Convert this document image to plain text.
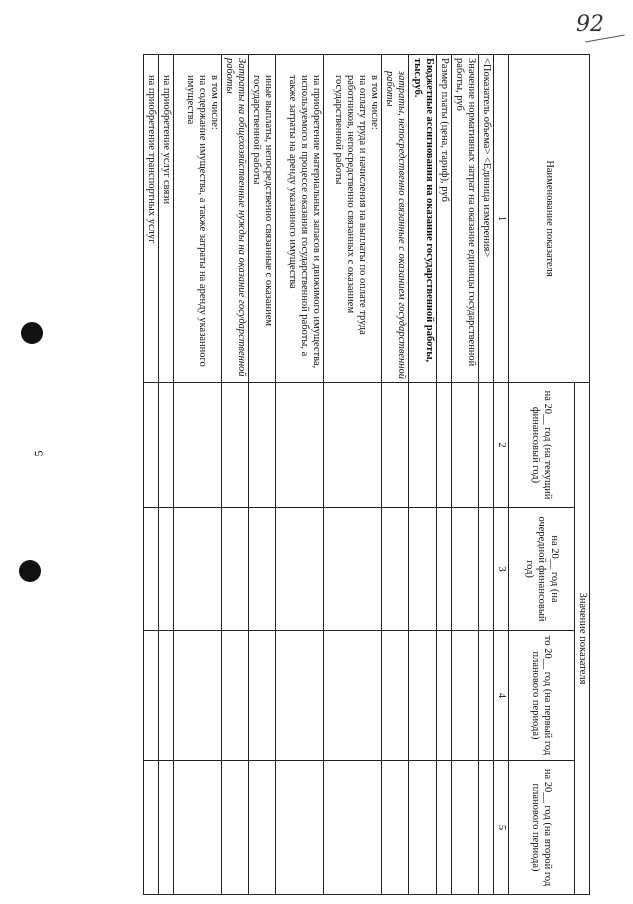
5
92
Наименование показателя	Значение показателя			
	на 20__ год (на текущий финансовый год)	на 20__ год (на очередной финансовый год)	то 20__ год (на первый год планового периода)	на 20__ год (на второй год планового периода)
1	2	3	4	5
<Показатель объема> <Единица измерения>				
Значение нормативных затрат на оказание единицы государственной работы, руб				
Размер платы (цена, тариф), руб				
Бюджетные ассигнования на оказание государственной работы, тыс.руб.				
затраты, непосредственно связанные с оказанием государственной работы				

в том числе:
на оплату труда и начисления на выплаты по оплате труда работников, непосредственно связанных с оказанием государственной работы				

на приобретение материальных запасов и движимого имущества, используемого в процессе оказания государственной работы, а также затраты на аренду указанного имущества				
иные выплаты, непосредственно связанные с оказанием государственной работы				
Затраты на общехозяйственные нужды на оказание государственной работы				

в том числе:
на содержание имущества, а также затраты на аренду указанного имущества				

на приобретение услуг связи				
на приобретение транспортных услуг				
